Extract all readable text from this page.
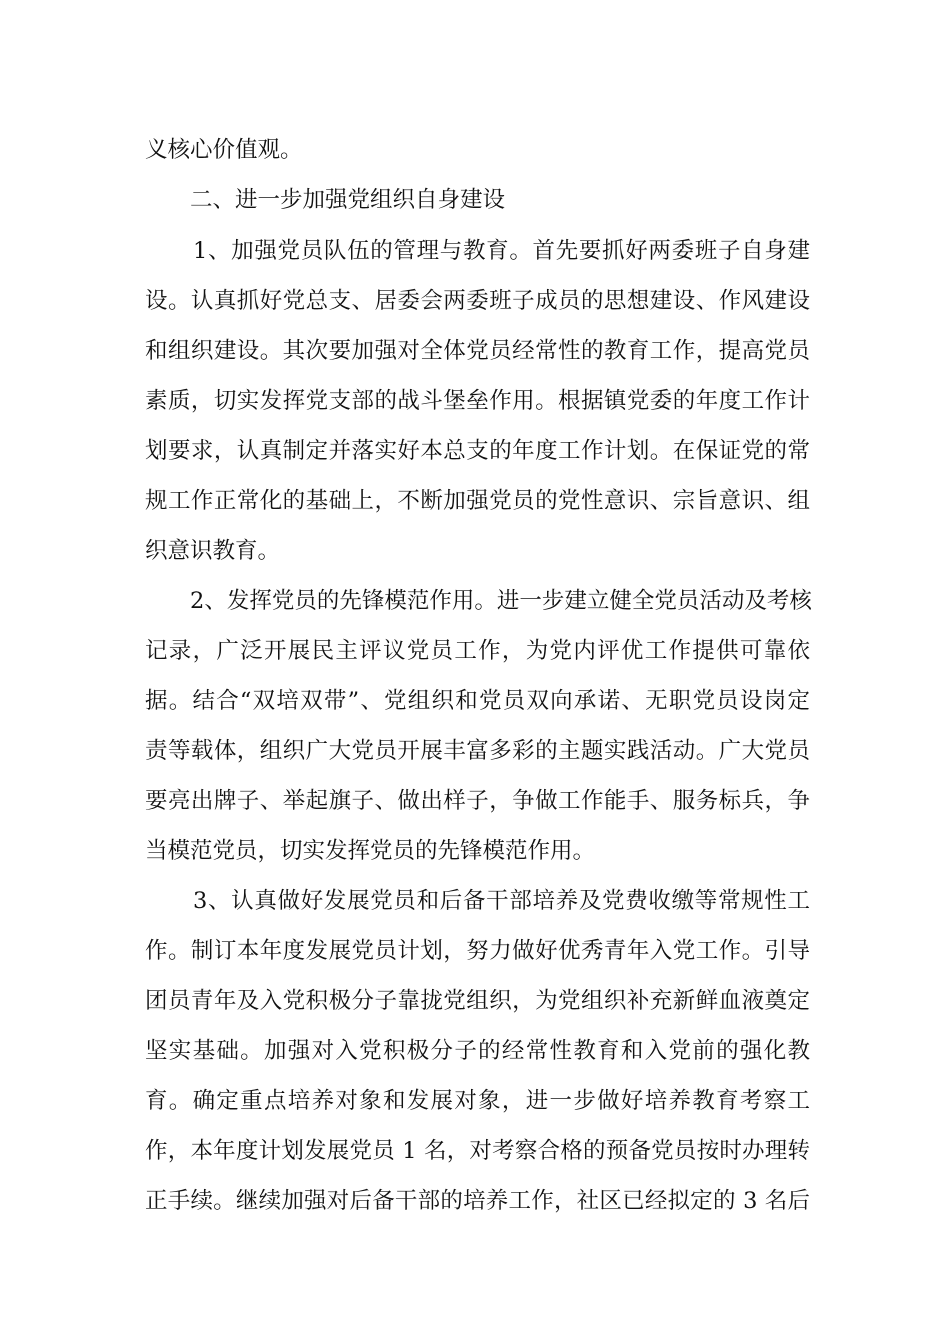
义核心价值观。
二、进一步加强党组织自身建设
1、加强党员队伍的管理与教育。首先要抓好两委班子自身建
设。认真抓好党总支、居委会两委班子成员的思想建设、作风建设
和组织建设。其次要加强对全体党员经常性的教育工作，提高党员
素质，切实发挥党支部的战斗堡垒作用。根据镇党委的年度工作计
划要求，认真制定并落实好本总支的年度工作计划。在保证党的常
规工作正常化的基础上，不断加强党员的党性意识、宗旨意识、组
织意识教育。
2、发挥党员的先锋模范作用。进一步建立健全党员活动及考核
记录，广泛开展民主评议党员工作，为党内评优工作提供可靠依
据。结合“双培双带”、党组织和党员双向承诺、无职党员设岗定
责等载体，组织广大党员开展丰富多彩的主题实践活动。广大党员
要亮出牌子、举起旗子、做出样子，争做工作能手、服务标兵，争
当模范党员，切实发挥党员的先锋模范作用。
3、认真做好发展党员和后备干部培养及党费收缴等常规性工
作。制订本年度发展党员计划，努力做好优秀青年入党工作。引导
团员青年及入党积极分子靠拢党组织，为党组织补充新鲜血液奠定
坚实基础。加强对入党积极分子的经常性教育和入党前的强化教
育。确定重点培养对象和发展对象，进一步做好培养教育考察工
作，本年度计划发展党员 1 名，对考察合格的预备党员按时办理转
正手续。继续加强对后备干部的培养工作，社区已经拟定的 3 名后
